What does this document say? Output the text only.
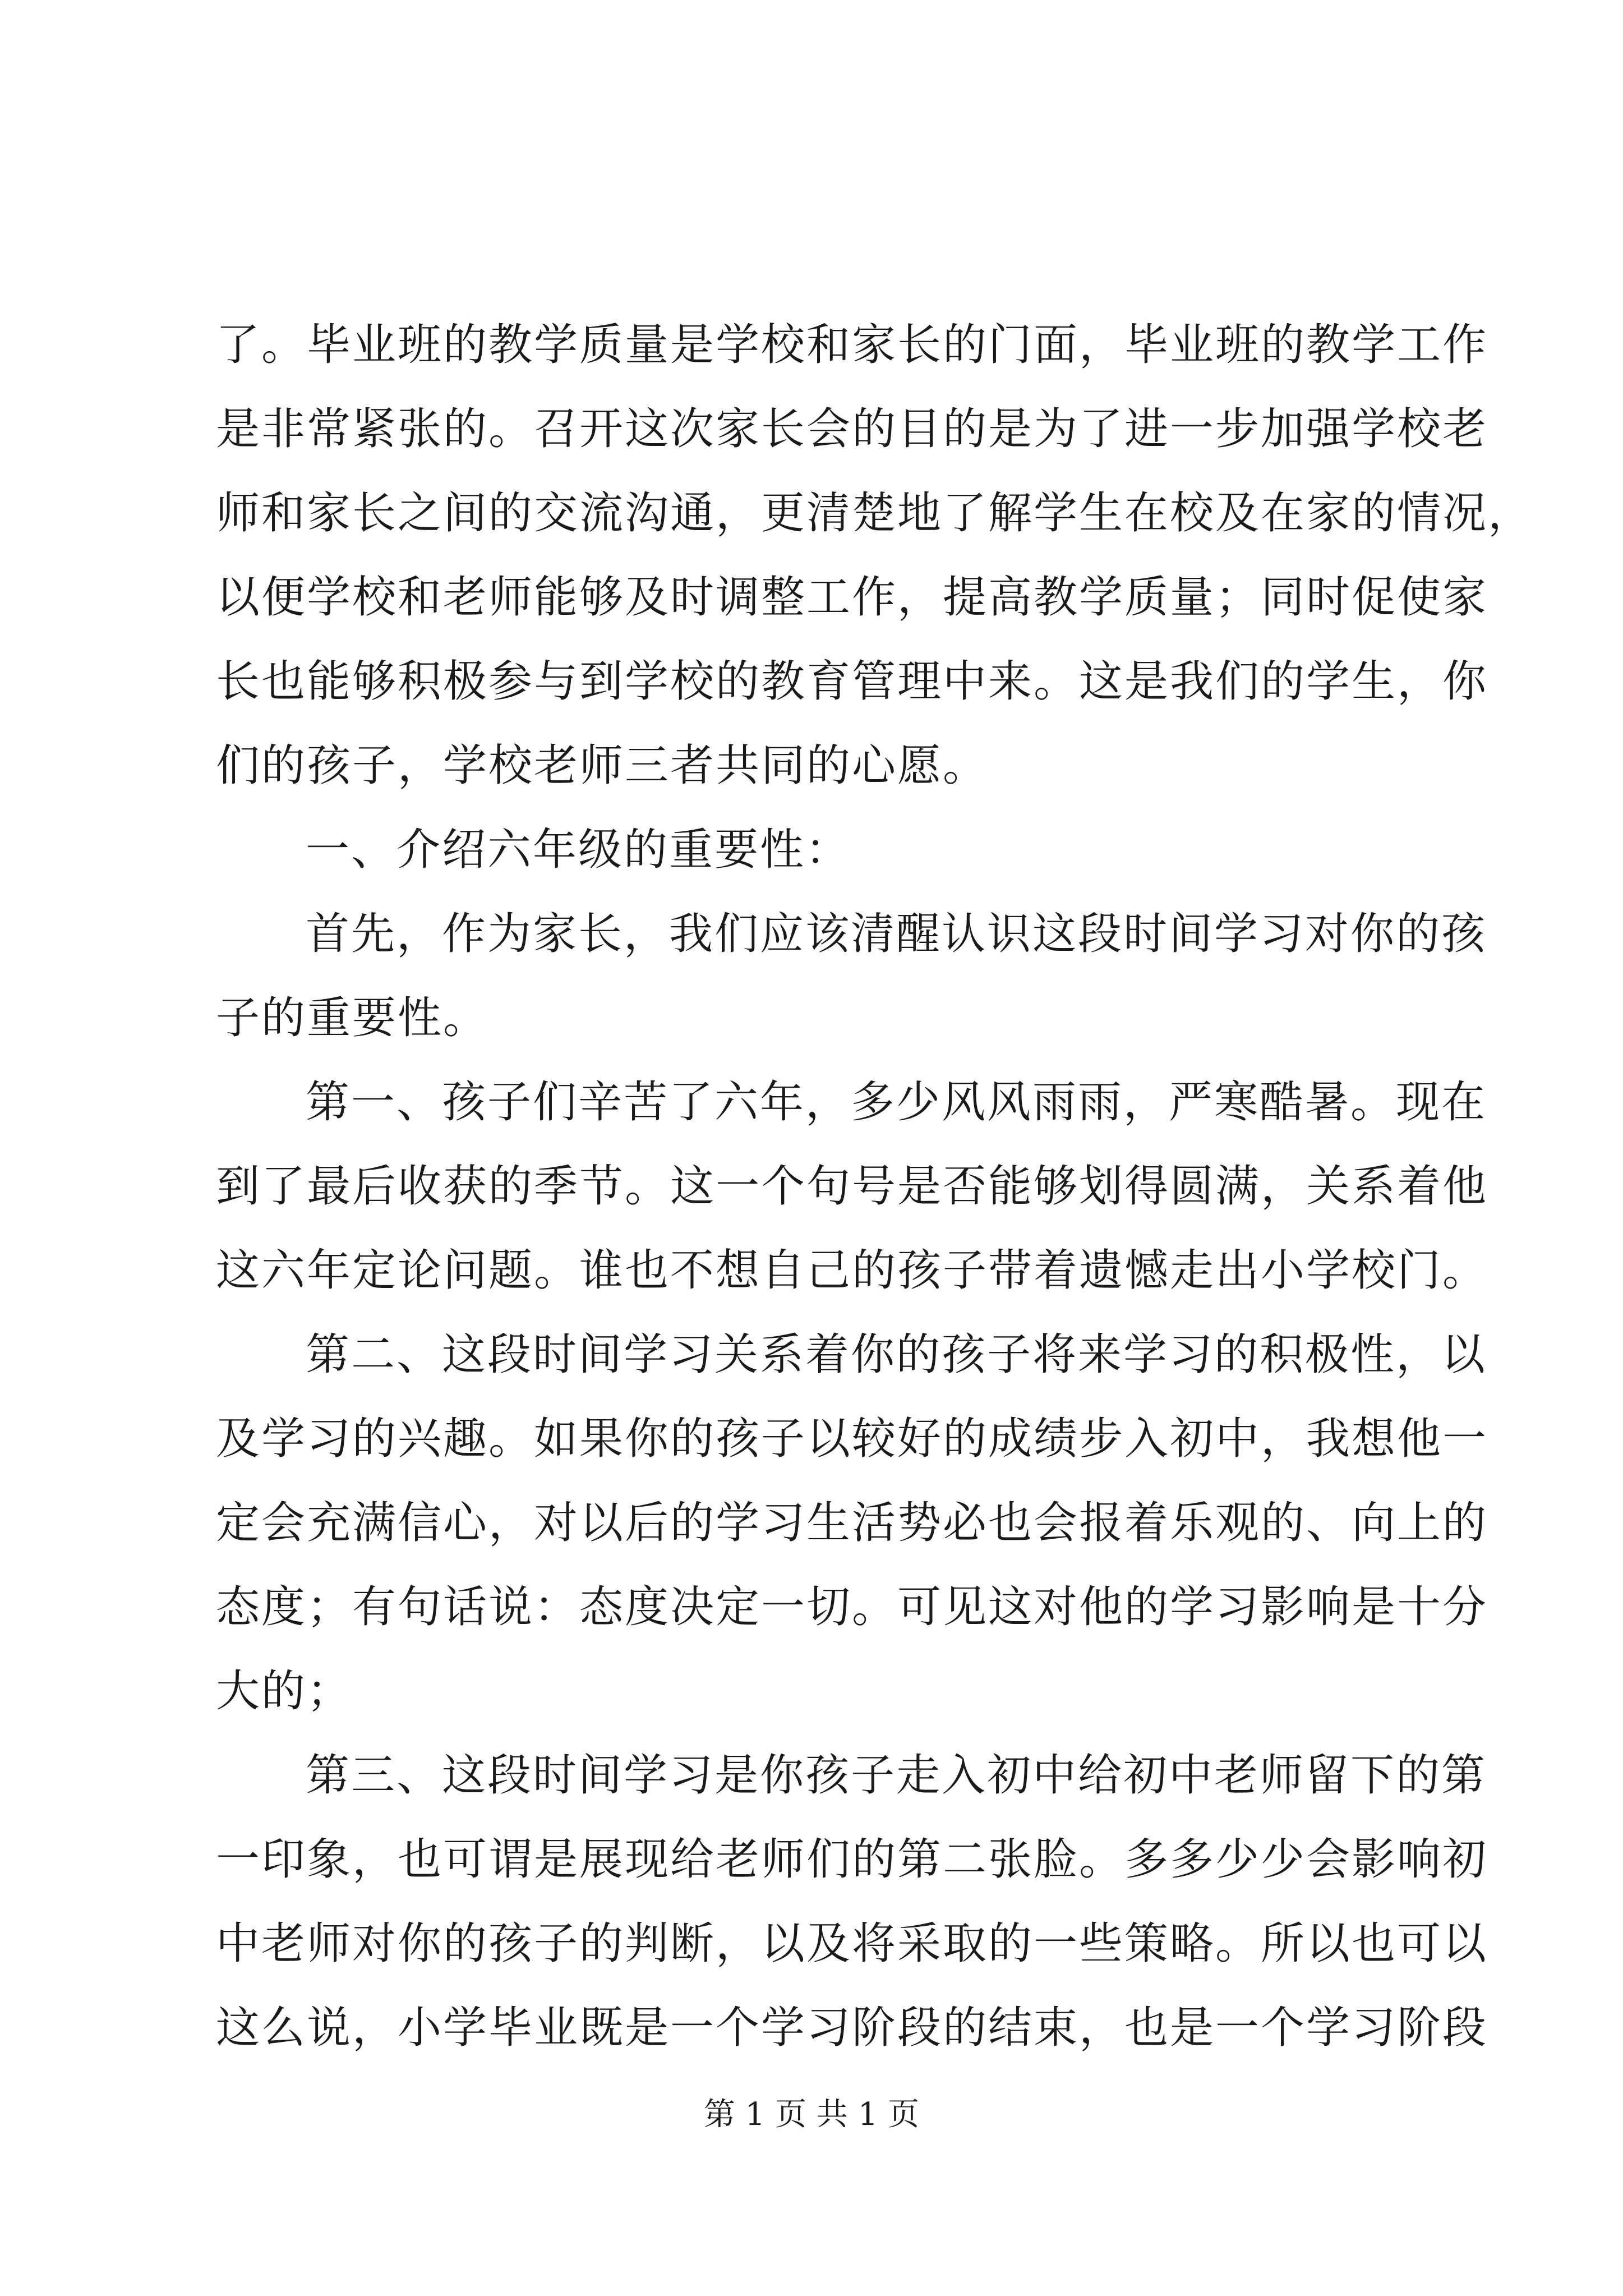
了。毕业班的教学质量是学校和家长的门面，毕业班的教学工作
是非常紧张的。召开这次家长会的目的是为了进一步加强学校老
师和家长之间的交流沟通，更清楚地了解学生在校及在家的情况，
以便学校和老师能够及时调整工作，提高教学质量；同时促使家
长也能够积极参与到学校的教育管理中来。这是我们的学生，你
们的孩子，学校老师三者共同的心愿。
一、介绍六年级的重要性：
首先，作为家长，我们应该清醒认识这段时间学习对你的孩
子的重要性。
第一、孩子们辛苦了六年，多少风风雨雨，严寒酷暑。现在
到了最后收获的季节。这一个句号是否能够划得圆满，关系着他
这六年定论问题。谁也不想自己的孩子带着遗憾走出小学校门。
第二、这段时间学习关系着你的孩子将来学习的积极性，以
及学习的兴趣。如果你的孩子以较好的成绩步入初中，我想他一
定会充满信心，对以后的学习生活势必也会报着乐观的、向上的
态度；有句话说：态度决定一切。可见这对他的学习影响是十分
大的；
第三、这段时间学习是你孩子走入初中给初中老师留下的第
一印象，也可谓是展现给老师们的第二张脸。多多少少会影响初
中老师对你的孩子的判断，以及将采取的一些策略。所以也可以
这么说，小学毕业既是一个学习阶段的结束，也是一个学习阶段
第 1 页 共 1 页
